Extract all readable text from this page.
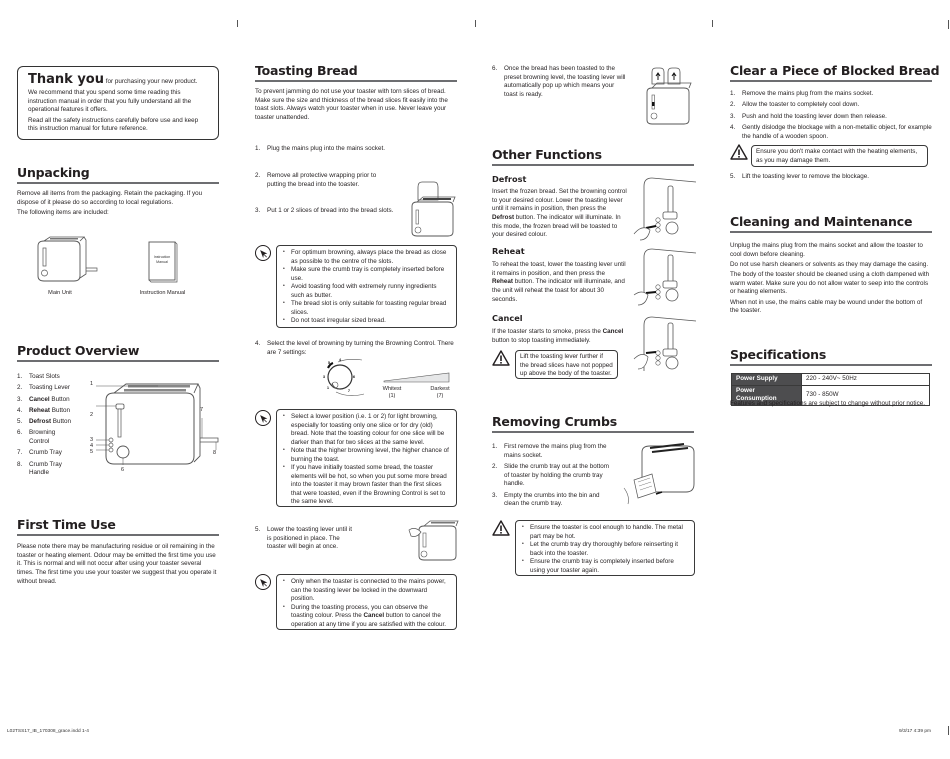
Thank you for purchasing your new product.

We recommend that you spend some time reading this instruction manual in order that you fully understand all the operational features it offers.

Read all the safety instructions carefully before use and keep this instruction manual for future reference.

Unpacking

Remove all items from the packaging. Retain the packaging. If you dispose of it please do so according to local regulations.

The following items are included:

Main Unit
Instruction
Manual
Instruction Manual
Product Overview
1. Toast Slots
2. Toasting Lever
3. Cancel Button
4. Reheat Button
5. Defrost Button
6. Browning Control
7. Crumb Tray
8. Crumb Tray Handle
1
2
3
4
5
6
7
8
First Time Use
Please note there may be manufacturing residue or oil remaining in the toaster or heating element. Odour may be emitted the first time you use it. This is normal and will not occur after using your toaster several times. The first time you use your toaster we suggest that you operate it without bread.
Toasting Bread
To prevent jamming do not use your toaster with torn slices of bread. Make sure the size and thickness of the bread slices fit easily into the toast slots. Always watch your toaster when in use. Never leave your toaster unattended.
1. Plug the mains plug into the mains socket.
2. Remove all protective wrapping prior to putting the bread into the toaster.
3. Put 1 or 2 slices of bread into the bread slots.
• For optimum browning, always place the bread as close as possible to the centre of the slots.
• Make sure the crumb tray is completely inserted before use.
• Avoid toasting food with extremely runny ingredients such as butter.
• The bread slot is only suitable for toasting regular bread slices.
• Do not toast irregular sized bread.
4. Select the level of browning by turning the Browning Control. There are 7 settings:
4
5
3	6
1
7	Whitest
(1)
Darkest
(7)
• Select a lower position (i.e. 1 or 2) for light browning, especially for toasting only one slice or for dry (old) bread. Note that the toasting colour for one slice will be darker than that for two slices at the same level.
• Note that the higher browning level, the higher chance of burning the toast.
• If you have initially toasted some bread, the toaster elements will be hot, so when you put some more bread into the toaster it may brown faster than the first slices that were toasted, even if the Browning Control is set to the same level.
5. Lower the toasting lever until it is positioned in place. The toaster will begin at once.
• Only when the toaster is connected to the mains power, can the toasting lever be locked in the downward position.
• During the toasting process, you can observe the toasting colour. Press the Cancel button to cancel the operation at any time if you are satisfied with the colour.
6. Once the bread has been toasted to the preset browning level, the toasting lever will automatically pop up which means your toast is ready.
Other Functions
Defrost
Insert the frozen bread. Set the browning control to your desired colour. Lower the toasting lever until it remains in position, then press the Defrost button. The indicator will illuminate. In this mode, the frozen bread will be toasted to your desired colour.
Reheat
To reheat the toast, lower the toasting lever until it remains in position, and then press the Reheat button. The indicator will illuminate, and the unit will reheat the toast for about 30 seconds.
Cancel
If the toaster starts to smoke, press the Cancel button to stop toasting immediately.
Lift the toasting lever further if the bread slices have not popped up above the body of the toaster.
Removing Crumbs
1. First remove the mains plug from the mains socket.
2. Slide the crumb tray out at the bottom of toaster by holding the crumb tray handle.
3. Empty the crumbs into the bin and clean the crumb tray.
• Ensure the toaster is cool enough to handle. The metal part may be hot.
• Let the crumb tray dry thoroughly before reinserting it back into the toaster.
• Ensure the crumb tray is completely inserted before using your toaster again.
Clear a Piece of Blocked Bread
1. Remove the mains plug from the mains socket.
2. Allow the toaster to completely cool down.
3. Push and hold the toasting lever down then release.
4. Gently dislodge the blockage with a non-metallic object, for example the handle of a wooden spoon.
Ensure you don't make contact with the heating elements, as you may damage them.
5. Lift the toasting lever to remove the blockage.
Cleaning and Maintenance

Unplug the mains plug from the mains socket and allow the toaster to cool down before cleaning.

Do not use harsh cleaners or solvents as they may damage the casing.

The body of the toaster should be cleaned using a cloth dampened with warm water. Make sure you do not allow water to seep into the controls or heating elements.

When not in use, the mains cable may be wound under the bottom of the toaster.

Specifications
Power Supply	220 - 240V~ 50Hz
Power Consumption	730 - 850W
Features and specifications are subject to change without prior notice.
L02TSS17_IB_170308_grace.indd 1-4	9/3/17 4:39 pm
